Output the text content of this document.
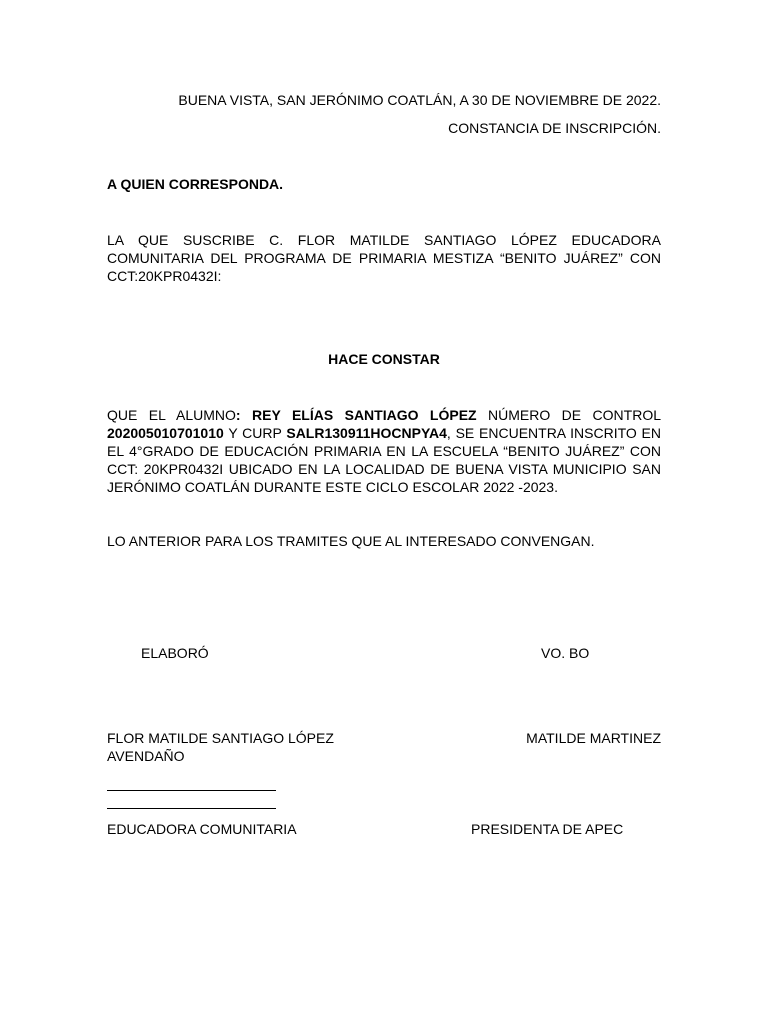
BUENA VISTA, SAN JERÓNIMO COATLÁN, A 30 DE NOVIEMBRE DE 2022.
CONSTANCIA DE INSCRIPCIÓN.
A QUIEN CORRESPONDA.
LA QUE SUSCRIBE C. FLOR MATILDE SANTIAGO LÓPEZ EDUCADORA
COMUNITARIA DEL PROGRAMA DE PRIMARIA MESTIZA “BENITO JUÁREZ” CON
CCT:20KPR0432I:
HACE CONSTAR
QUE EL ALUMNO: REY ELÍAS SANTIAGO LÓPEZ NÚMERO DE CONTROL
202005010701010 Y CURP SALR130911HOCNPYA4, SE ENCUENTRA INSCRITO EN
EL 4°GRADO DE EDUCACIÓN PRIMARIA EN LA ESCUELA “BENITO JUÁREZ” CON
CCT: 20KPR0432I UBICADO EN LA LOCALIDAD DE BUENA VISTA MUNICIPIO SAN
JERÓNIMO COATLÁN DURANTE ESTE CICLO ESCOLAR 2022 -2023.
LO ANTERIOR PARA LOS TRAMITES QUE AL INTERESADO CONVENGAN.
ELABORÓ	VO. BO
FLOR MATILDE SANTIAGO LÓPEZ
AVENDAÑO
MATILDE MARTINEZ
EDUCADORA COMUNITARIA	PRESIDENTA DE APEC
